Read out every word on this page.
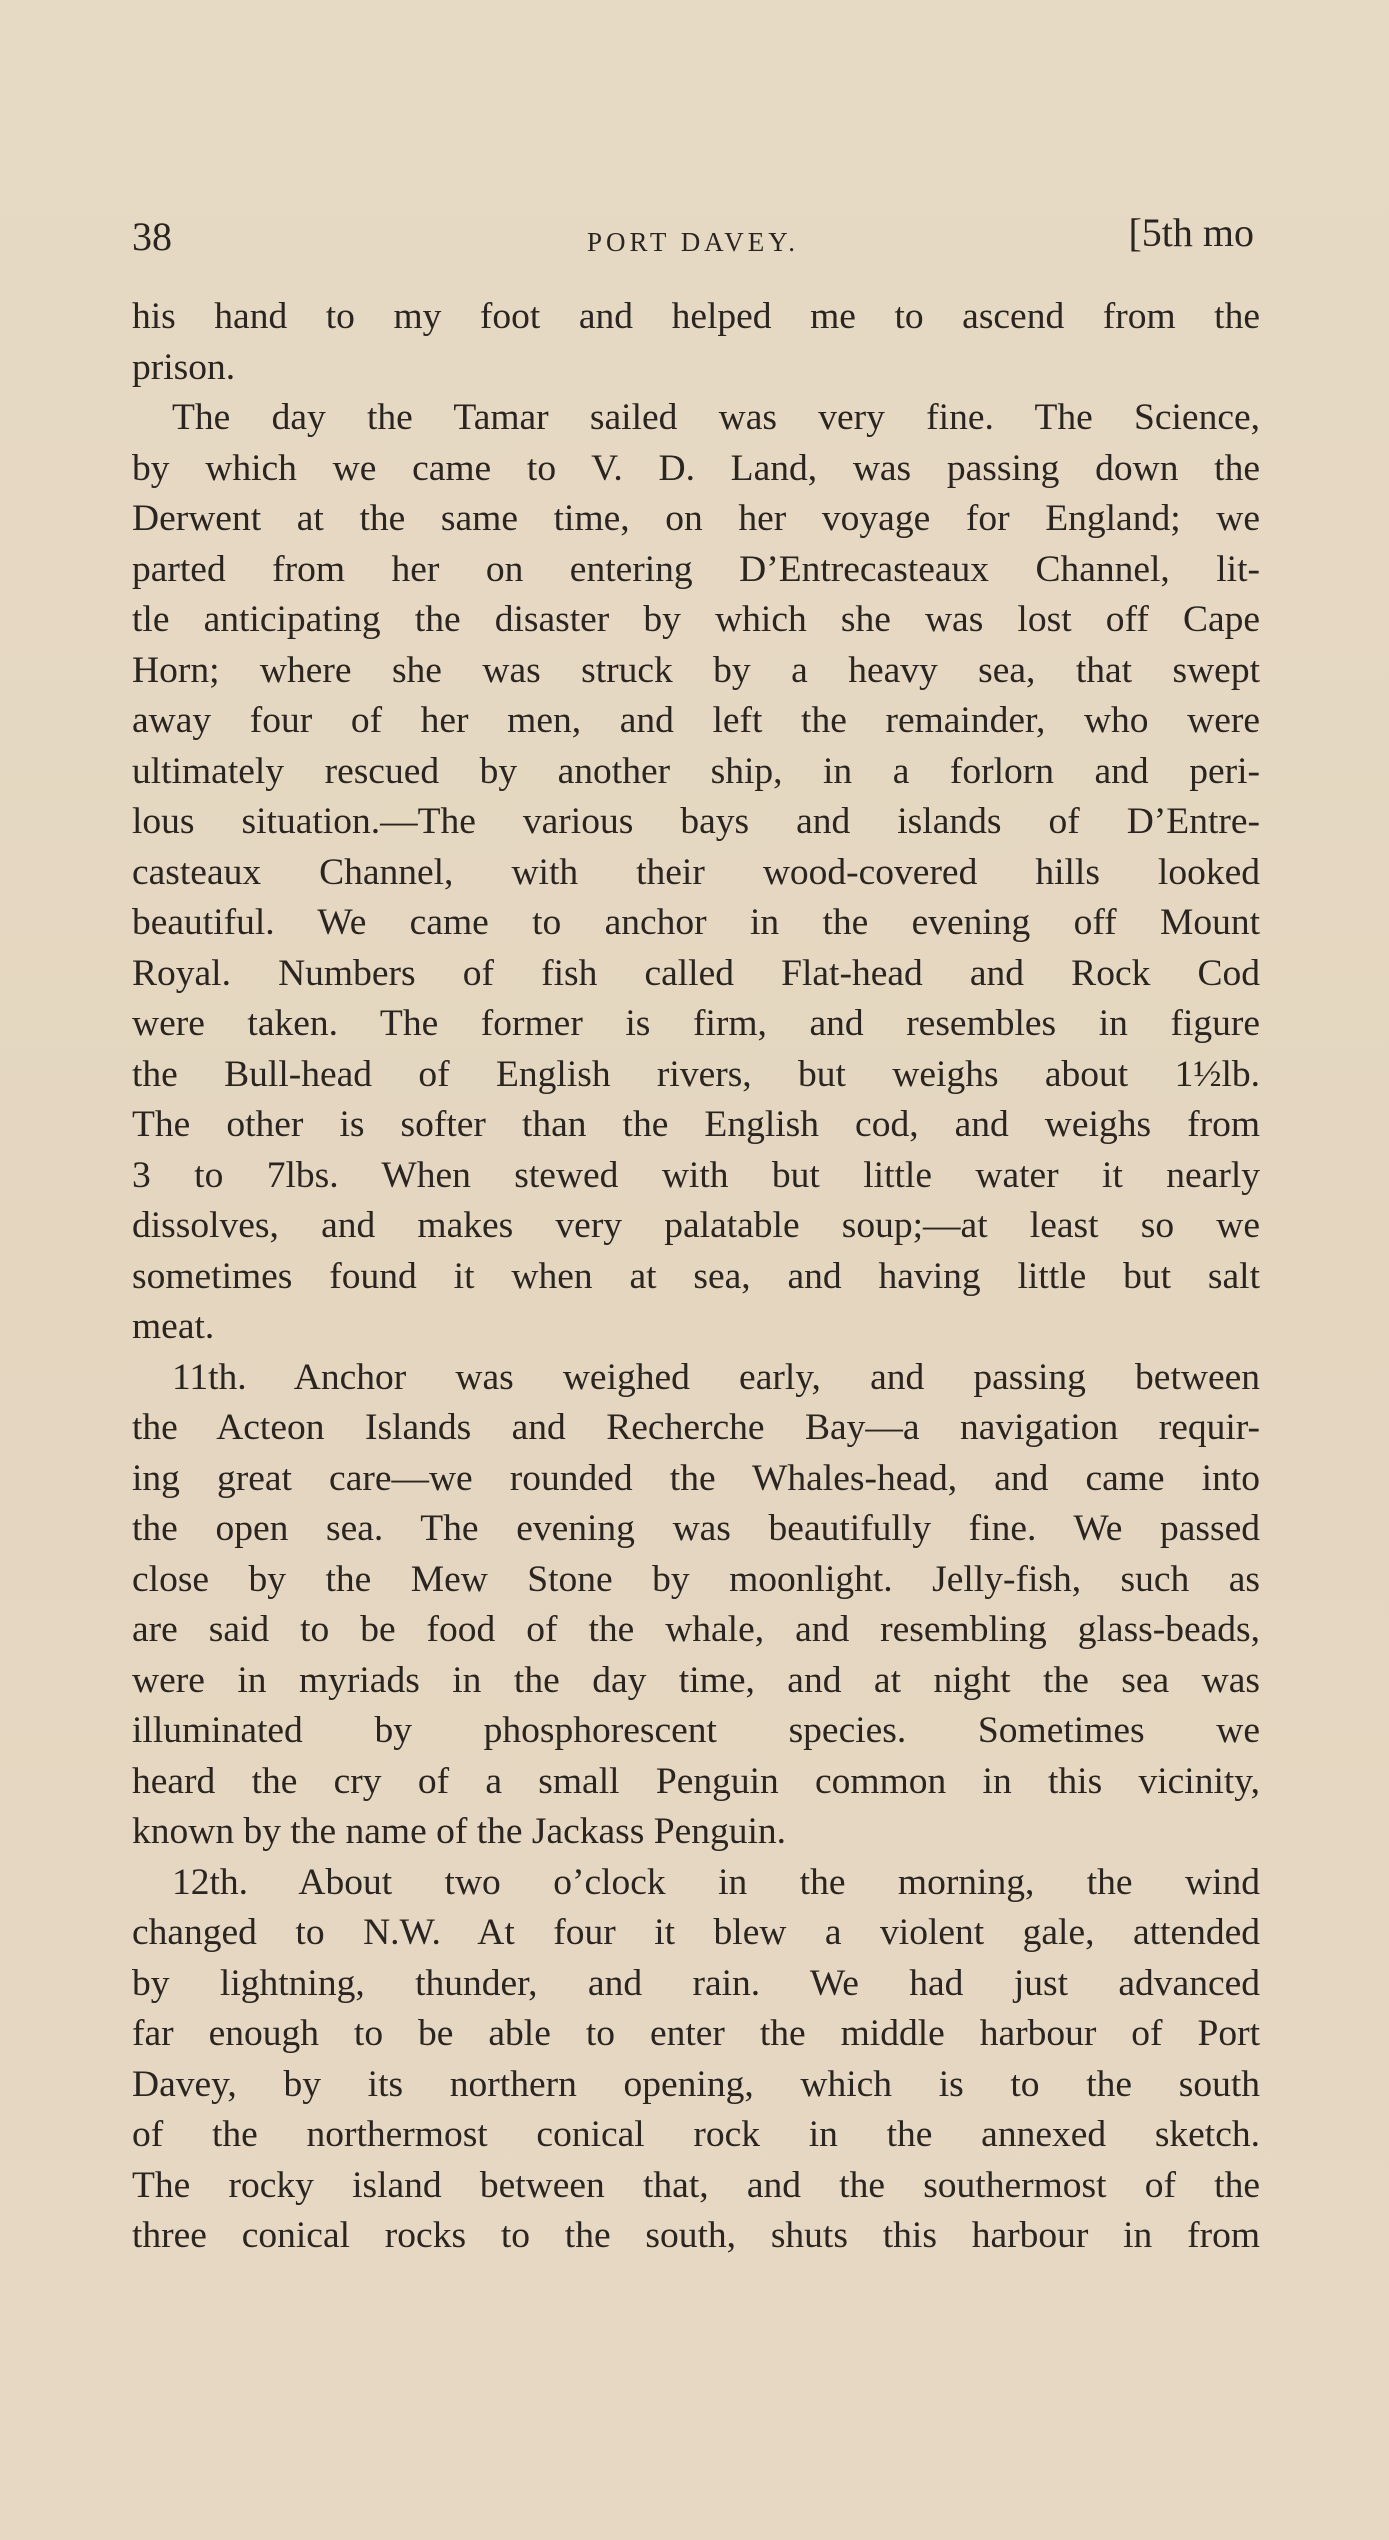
38	PORT DAVEY.	[5th mo
his hand to my foot and helped me to ascend from the
prison.
The day the Tamar sailed was very fine. The Science,
by which we came to V. D. Land, was passing down the
Derwent at the same time, on her voyage for England; we
parted from her on entering D’Entrecasteaux Channel, lit-
tle anticipating the disaster by which she was lost off Cape
Horn; where she was struck by a heavy sea, that swept
away four of her men, and left the remainder, who were
ultimately rescued by another ship, in a forlorn and peri-
lous situation.—The various bays and islands of D’Entre-
casteaux Channel, with their wood-covered hills looked
beautiful. We came to anchor in the evening off Mount
Royal. Numbers of fish called Flat-head and Rock Cod
were taken. The former is firm, and resembles in figure
the Bull-head of English rivers, but weighs about 1½lb.
The other is softer than the English cod, and weighs from
3 to 7lbs. When stewed with but little water it nearly
dissolves, and makes very palatable soup;—at least so we
sometimes found it when at sea, and having little but salt
meat.
11th. Anchor was weighed early, and passing between
the Acteon Islands and Recherche Bay—a navigation requir-
ing great care—we rounded the Whales-head, and came into
the open sea. The evening was beautifully fine. We passed
close by the Mew Stone by moonlight. Jelly-fish, such as
are said to be food of the whale, and resembling glass-beads,
were in myriads in the day time, and at night the sea was
illuminated by phosphorescent species. Sometimes we
heard the cry of a small Penguin common in this vicinity,
known by the name of the Jackass Penguin.
12th. About two o’clock in the morning, the wind
changed to N.W. At four it blew a violent gale, attended
by lightning, thunder, and rain. We had just advanced
far enough to be able to enter the middle harbour of Port
Davey, by its northern opening, which is to the south
of the northermost conical rock in the annexed sketch.
The rocky island between that, and the southermost of the
three conical rocks to the south, shuts this harbour in from
